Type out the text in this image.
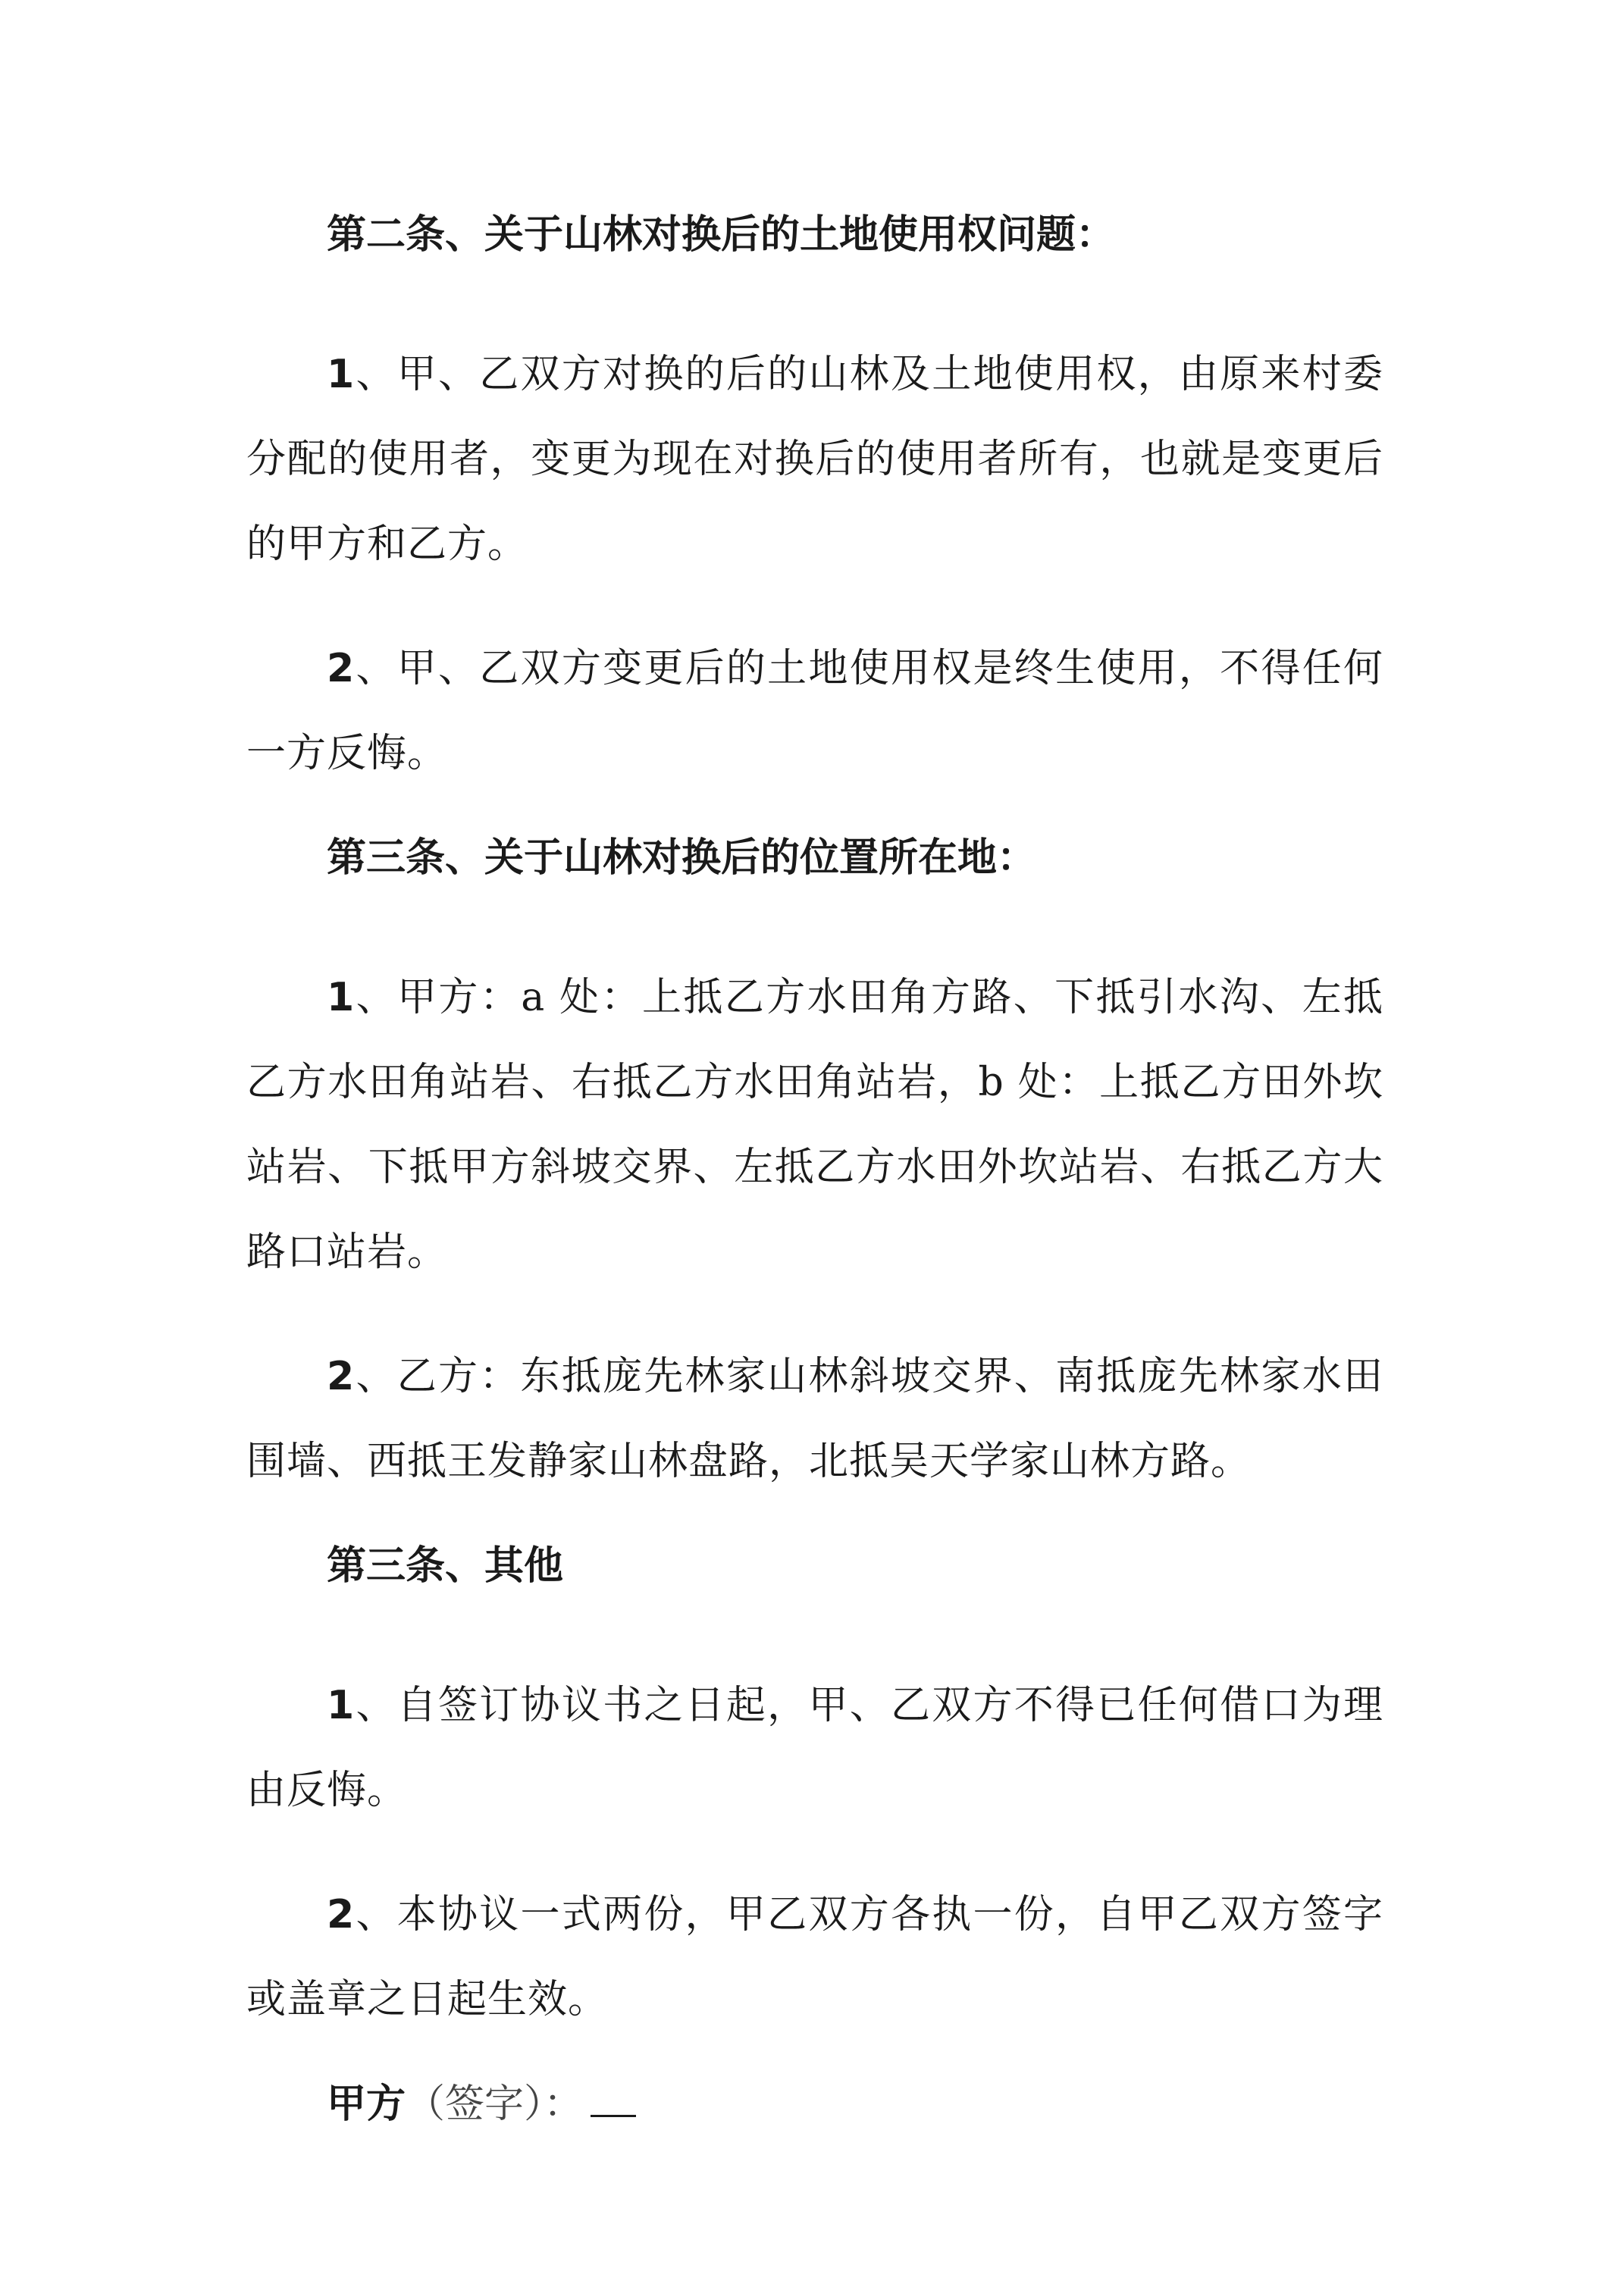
第二条、关于山林对换后的土地使用权问题：

1、甲、乙双方对换的后的山林及土地使用权，由原来村委分配的使用者，变更为现在对换后的使用者所有，也就是变更后的甲方和乙方。

2、甲、乙双方变更后的土地使用权是终生使用，不得任何一方反悔。

第三条、关于山林对换后的位置所在地：

1、甲方：a 处：上抵乙方水田角方路、下抵引水沟、左抵乙方水田角站岩、右抵乙方水田角站岩，b 处：上抵乙方田外坎站岩、下抵甲方斜坡交界、左抵乙方水田外坎站岩、右抵乙方大路口站岩。

2、乙方：东抵庞先林家山林斜坡交界、南抵庞先林家水田围墙、西抵王发静家山林盘路，北抵吴天学家山林方路。

第三条、其他

1、自签订协议书之日起，甲、乙双方不得已任何借口为理由反悔。

2、本协议一式两份，甲乙双方各执一份，自甲乙双方签字或盖章之日起生效。

甲方（签字）：
